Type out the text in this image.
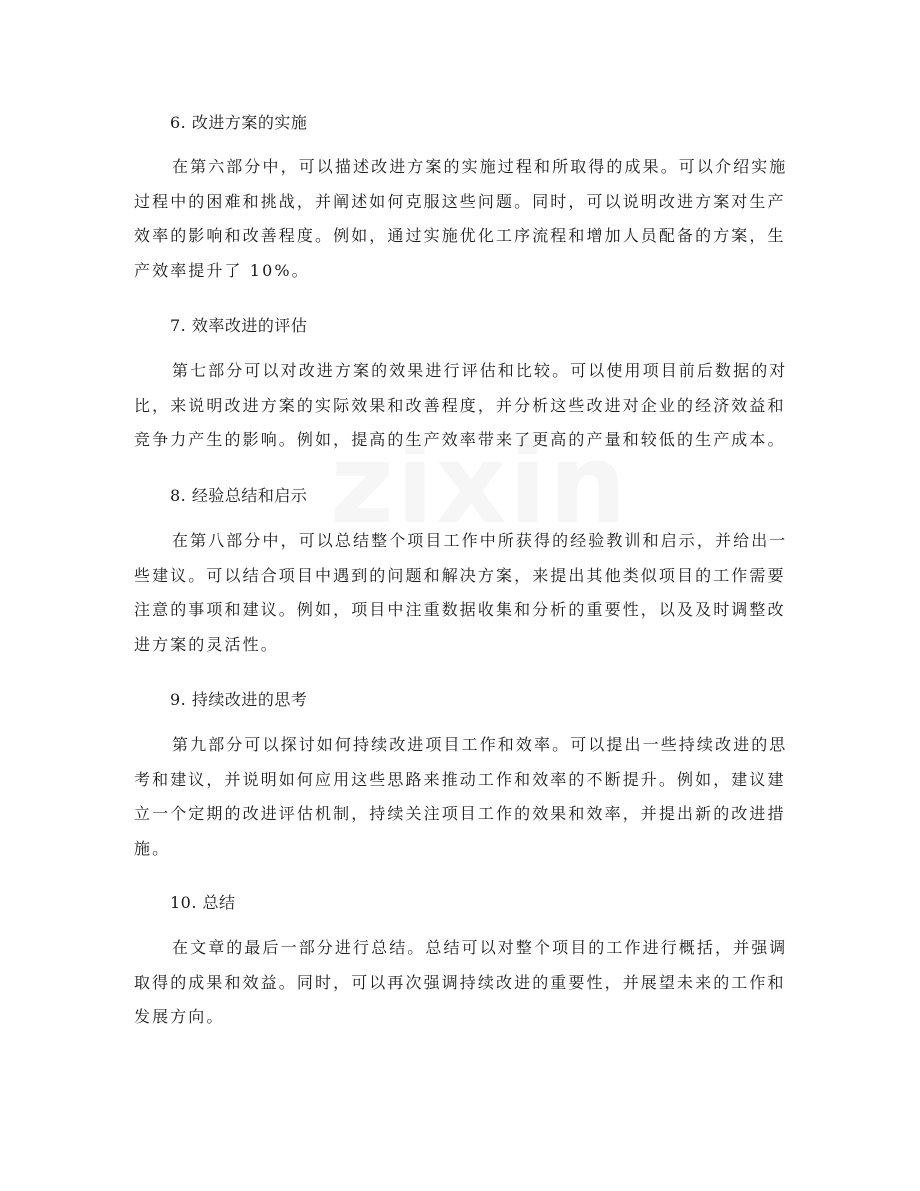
6. 改进方案的实施
在第六部分中，可以描述改进方案的实施过程和所取得的成果。可以介绍实施
过程中的困难和挑战，并阐述如何克服这些问题。同时，可以说明改进方案对生产
效率的影响和改善程度。例如，通过实施优化工序流程和增加人员配备的方案，生
产效率提升了 10%。
7. 效率改进的评估
第七部分可以对改进方案的效果进行评估和比较。可以使用项目前后数据的对
比，来说明改进方案的实际效果和改善程度，并分析这些改进对企业的经济效益和
竞争力产生的影响。例如，提高的生产效率带来了更高的产量和较低的生产成本。
8. 经验总结和启示
在第八部分中，可以总结整个项目工作中所获得的经验教训和启示，并给出一
些建议。可以结合项目中遇到的问题和解决方案，来提出其他类似项目的工作需要
注意的事项和建议。例如，项目中注重数据收集和分析的重要性，以及及时调整改
进方案的灵活性。
9. 持续改进的思考
第九部分可以探讨如何持续改进项目工作和效率。可以提出一些持续改进的思
考和建议，并说明如何应用这些思路来推动工作和效率的不断提升。例如，建议建
立一个定期的改进评估机制，持续关注项目工作的效果和效率，并提出新的改进措
施。
10. 总结
在文章的最后一部分进行总结。总结可以对整个项目的工作进行概括，并强调
取得的成果和效益。同时，可以再次强调持续改进的重要性，并展望未来的工作和
发展方向。
